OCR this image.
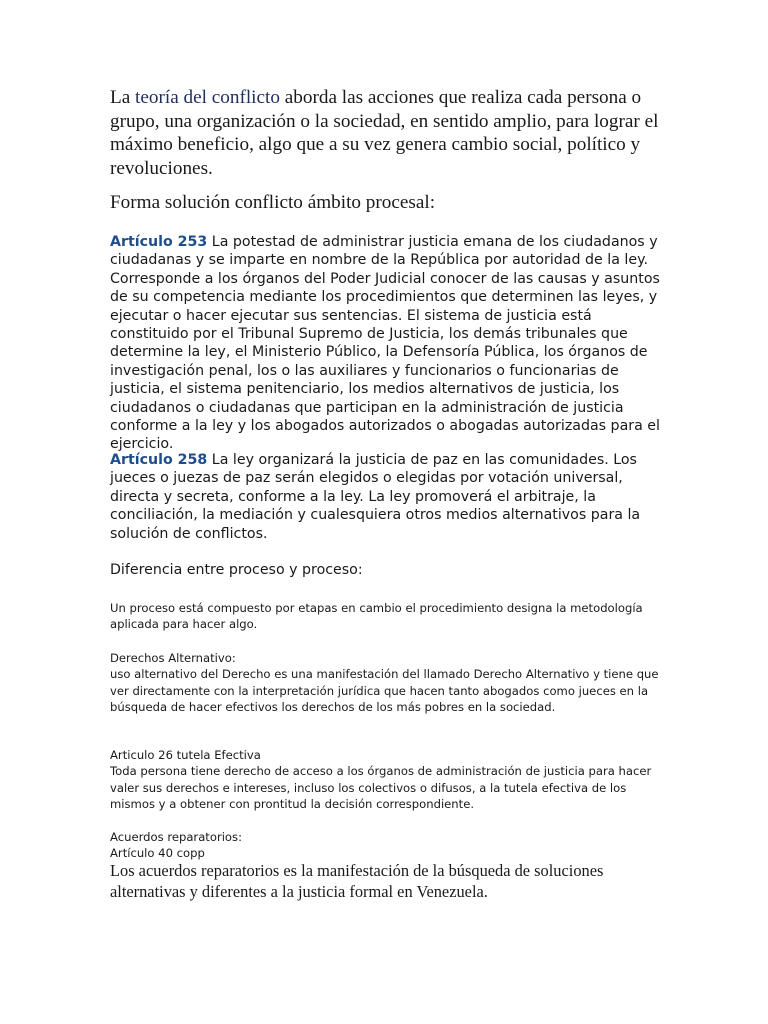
La teoría del conflicto aborda las acciones que realiza cada persona o grupo, una organización o la sociedad, en sentido amplio, para lograr el máximo beneficio, algo que a su vez genera cambio social, político y revoluciones.

Forma solución conflicto ámbito procesal:

Artículo 253 La potestad de administrar justicia emana de los ciudadanos y ciudadanas y se imparte en nombre de la República por autoridad de la ley. Corresponde a los órganos del Poder Judicial conocer de las causas y asuntos de su competencia mediante los procedimientos que determinen las leyes, y ejecutar o hacer ejecutar sus sentencias. El sistema de justicia está constituido por el Tribunal Supremo de Justicia, los demás tribunales que determine la ley, el Ministerio Público, la Defensoría Pública, los órganos de investigación penal, los o las auxiliares y funcionarios o funcionarias de justicia, el sistema penitenciario, los medios alternativos de justicia, los ciudadanos o ciudadanas que participan en la administración de justicia conforme a la ley y los abogados autorizados o abogadas autorizadas para el ejercicio.

Artículo 258 La ley organizará la justicia de paz en las comunidades. Los jueces o juezas de paz serán elegidos o elegidas por votación universal, directa y secreta, conforme a la ley. La ley promoverá el arbitraje, la conciliación, la mediación y cualesquiera otros medios alternativos para la solución de conflictos.

Diferencia entre proceso y proceso:

Un proceso está compuesto por etapas en cambio el procedimiento designa la metodología aplicada para hacer algo.

Derechos Alternativo:
uso alternativo del Derecho es una manifestación del llamado Derecho Alternativo y tiene que ver directamente con la interpretación jurídica que hacen tanto abogados como jueces en la búsqueda de hacer efectivos los derechos de los más pobres en la sociedad.
Articulo 26 tutela Efectiva
Toda persona tiene derecho de acceso a los órganos de administración de justicia para hacer valer sus derechos e intereses, incluso los colectivos o difusos, a la tutela efectiva de los mismos y a obtener con prontitud la decisión correspondiente.
Acuerdos reparatorios:
Artículo 40 copp

Los acuerdos reparatorios es la manifestación de la búsqueda de soluciones alternativas y diferentes a la justicia formal en Venezuela.
